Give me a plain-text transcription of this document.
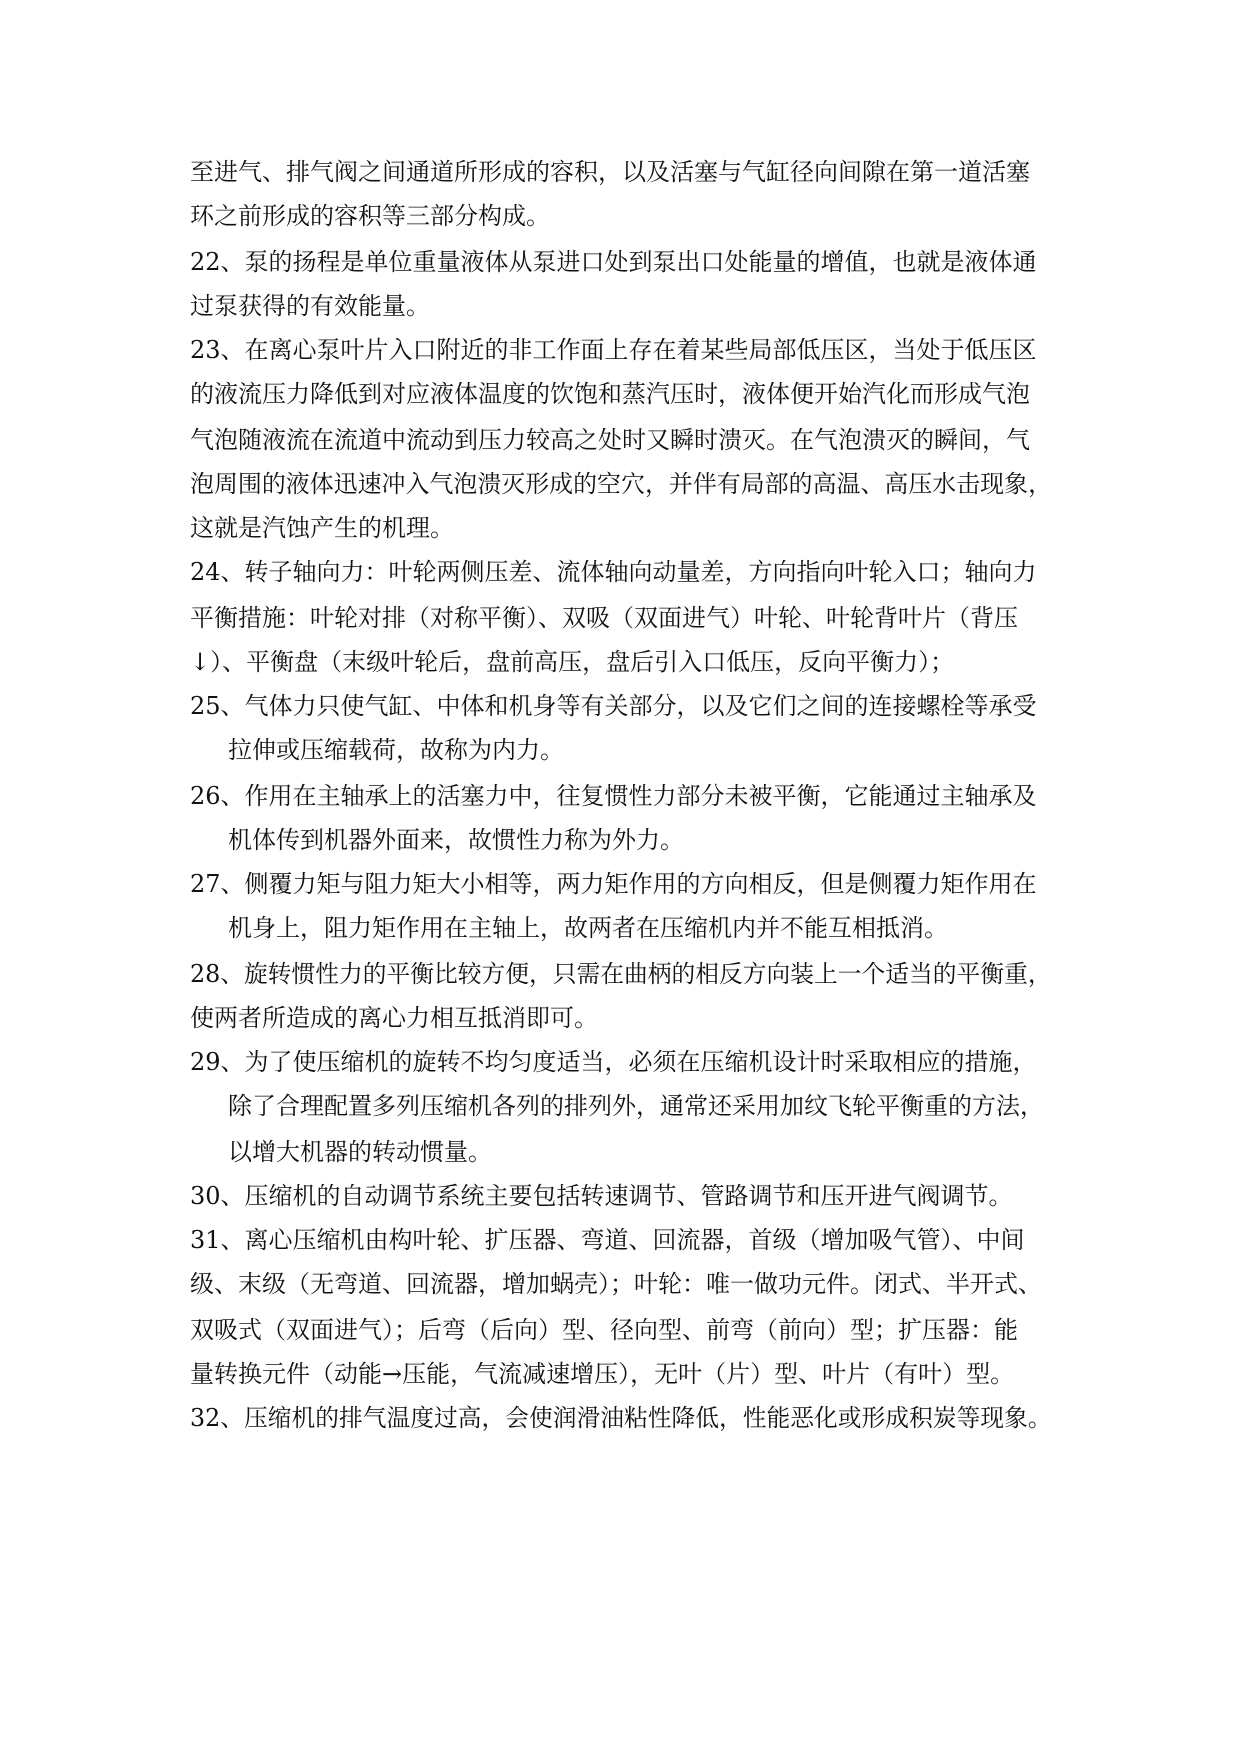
至进气、排气阀之间通道所形成的容积，以及活塞与气缸径向间隙在第一道活塞
环之前形成的容积等三部分构成。
22、泵的扬程是单位重量液体从泵进口处到泵出口处能量的增值，也就是液体通
过泵获得的有效能量。
23、在离心泵叶片入口附近的非工作面上存在着某些局部低压区，当处于低压区
的液流压力降低到对应液体温度的饮饱和蒸汽压时，液体便开始汽化而形成气泡
气泡随液流在流道中流动到压力较高之处时又瞬时溃灭。在气泡溃灭的瞬间，气
泡周围的液体迅速冲入气泡溃灭形成的空穴，并伴有局部的高温、高压水击现象，
这就是汽蚀产生的机理。
24、转子轴向力：叶轮两侧压差、流体轴向动量差，方向指向叶轮入口；轴向力
平衡措施：叶轮对排（对称平衡）、双吸（双面进气）叶轮、叶轮背叶片（背压
↓）、平衡盘（末级叶轮后，盘前高压，盘后引入口低压，反向平衡力）；
25、气体力只使气缸、中体和机身等有关部分，以及它们之间的连接螺栓等承受
拉伸或压缩载荷，故称为内力。
26、作用在主轴承上的活塞力中，往复惯性力部分未被平衡，它能通过主轴承及
机体传到机器外面来，故惯性力称为外力。
27、侧覆力矩与阻力矩大小相等，两力矩作用的方向相反，但是侧覆力矩作用在
机身上，阻力矩作用在主轴上，故两者在压缩机内并不能互相抵消。
28、旋转惯性力的平衡比较方便，只需在曲柄的相反方向装上一个适当的平衡重，
使两者所造成的离心力相互抵消即可。
29、为了使压缩机的旋转不均匀度适当，必须在压缩机设计时采取相应的措施，
除了合理配置多列压缩机各列的排列外，通常还采用加纹飞轮平衡重的方法，
以增大机器的转动惯量。
30、压缩机的自动调节系统主要包括转速调节、管路调节和压开进气阀调节。
31、离心压缩机由构叶轮、扩压器、弯道、回流器，首级（增加吸气管）、中间
级、末级（无弯道、回流器，增加蜗壳）；叶轮：唯一做功元件。闭式、半开式、
双吸式（双面进气）；后弯（后向）型、径向型、前弯（前向）型；扩压器：能
量转换元件（动能→压能，气流减速增压），无叶（片）型、叶片（有叶）型。
32、压缩机的排气温度过高，会使润滑油粘性降低，性能恶化或形成积炭等现象。
